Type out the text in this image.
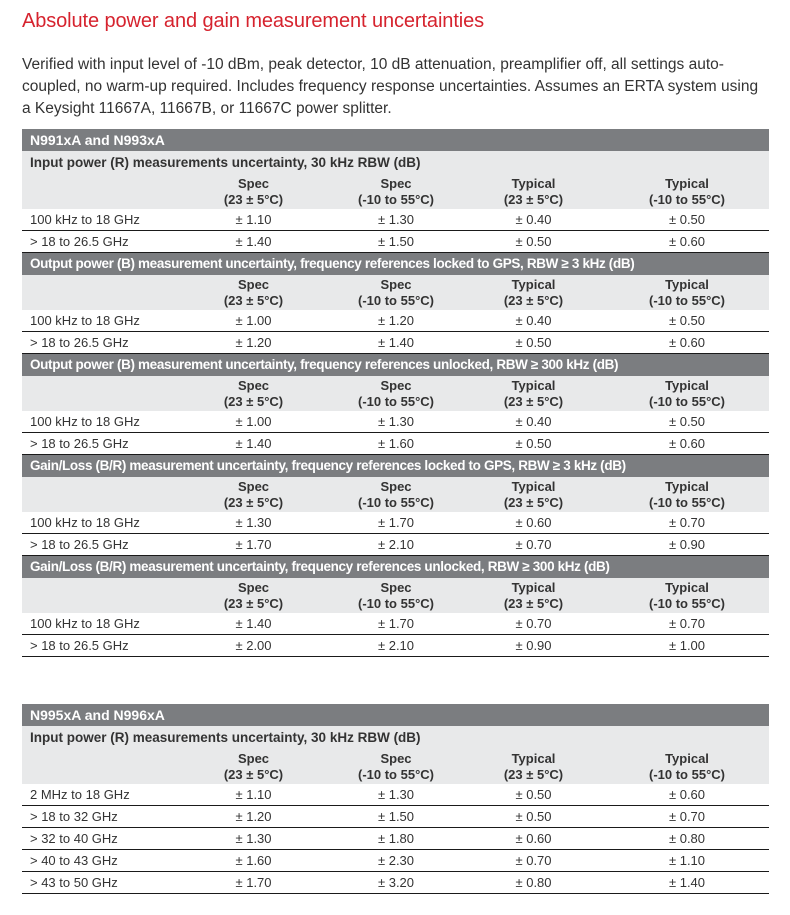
Absolute power and gain measurement uncertainties
Verified with input level of -10 dBm, peak detector, 10 dB attenuation, preamplifier off, all settings auto-coupled, no warm-up required. Includes frequency response uncertainties. Assumes an ERTA system using a Keysight 11667A, 11667B, or 11667C power splitter.
N991xA and N993xA
Input power (R) measurements uncertainty, 30 kHz RBW (dB)
Spec
(23 ± 5°C)
Spec
(-10 to 55°C)
Typical
(23 ± 5°C)
Typical
(-10 to 55°C)
100 kHz to 18 GHz	± 1.10	± 1.30	± 0.40	± 0.50
> 18 to 26.5 GHz	± 1.40	± 1.50	± 0.50	± 0.60
Output power (B) measurement uncertainty, frequency references locked to GPS, RBW ≥ 3 kHz (dB)
Spec
(23 ± 5°C)
Spec
(-10 to 55°C)
Typical
(23 ± 5°C)
Typical
(-10 to 55°C)
100 kHz to 18 GHz	± 1.00	± 1.20	± 0.40	± 0.50
> 18 to 26.5 GHz	± 1.20	± 1.40	± 0.50	± 0.60
Output power (B) measurement uncertainty, frequency references unlocked, RBW ≥ 300 kHz (dB)
Spec
(23 ± 5°C)
Spec
(-10 to 55°C)
Typical
(23 ± 5°C)
Typical
(-10 to 55°C)
100 kHz to 18 GHz	± 1.00	± 1.30	± 0.40	± 0.50
> 18 to 26.5 GHz	± 1.40	± 1.60	± 0.50	± 0.60
Gain/Loss (B/R) measurement uncertainty, frequency references locked to GPS, RBW ≥ 3 kHz (dB)
Spec
(23 ± 5°C)
Spec
(-10 to 55°C)
Typical
(23 ± 5°C)
Typical
(-10 to 55°C)
100 kHz to 18 GHz	± 1.30	± 1.70	± 0.60	± 0.70
> 18 to 26.5 GHz	± 1.70	± 2.10	± 0.70	± 0.90
Gain/Loss (B/R) measurement uncertainty, frequency references unlocked, RBW ≥ 300 kHz (dB)
Spec
(23 ± 5°C)
Spec
(-10 to 55°C)
Typical
(23 ± 5°C)
Typical
(-10 to 55°C)
100 kHz to 18 GHz	± 1.40	± 1.70	± 0.70	± 0.70
> 18 to 26.5 GHz	± 2.00	± 2.10	± 0.90	± 1.00
N995xA and N996xA
Input power (R) measurements uncertainty, 30 kHz RBW (dB)
Spec
(23 ± 5°C)
Spec
(-10 to 55°C)
Typical
(23 ± 5°C)
Typical
(-10 to 55°C)
2 MHz to 18 GHz	± 1.10	± 1.30	± 0.50	± 0.60
> 18 to 32 GHz	± 1.20	± 1.50	± 0.50	± 0.70
> 32 to 40 GHz	± 1.30	± 1.80	± 0.60	± 0.80
> 40 to 43 GHz	± 1.60	± 2.30	± 0.70	± 1.10
> 43 to 50 GHz	± 1.70	± 3.20	± 0.80	± 1.40
